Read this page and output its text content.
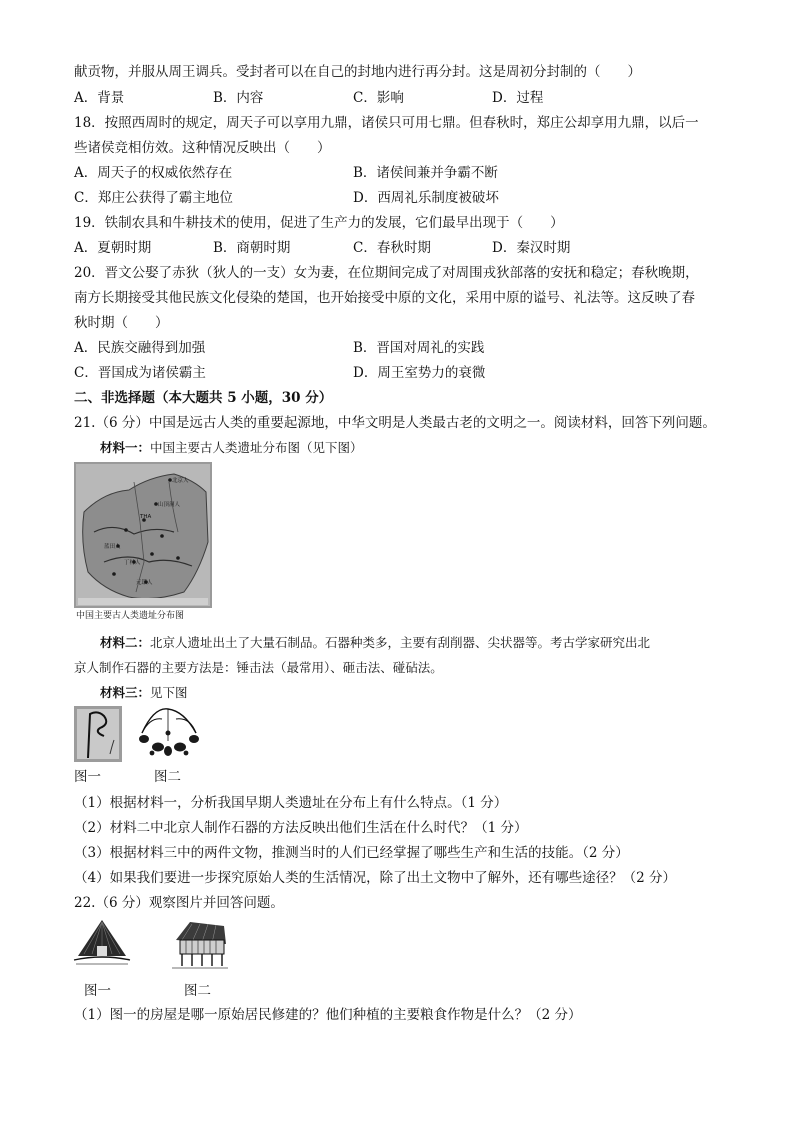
献贡物，并服从周王调兵。受封者可以在自己的封地内进行再分封。这是周初分封制的（　　）
A．背景	B．内容	C．影响	D．过程
18．按照西周时的规定，周天子可以享用九鼎，诸侯只可用七鼎。但春秋时，郑庄公却享用九鼎，以后一
些诸侯竞相仿效。这种情况反映出（　　）
A．周天子的权威依然存在	B．诸侯间兼并争霸不断
C．郑庄公获得了霸主地位	D．西周礼乐制度被破坏
19．铁制农具和牛耕技术的使用，促进了生产力的发展，它们最早出现于（　　）
A．夏朝时期	B．商朝时期	C．春秋时期	D．秦汉时期
20．晋文公娶了赤狄（狄人的一支）女为妻，在位期间完成了对周围戎狄部落的安抚和稳定；春秋晚期，
南方长期接受其他民族文化侵染的楚国，也开始接受中原的文化，采用中原的谥号、礼法等。这反映了春
秋时期（　　）
A．民族交融得到加强	B．晋国对周礼的实践
C．晋国成为诸侯霸主	D．周王室势力的衰微
二、非选择题（本大题共 5 小题，30 分）
21.（6 分）中国是远古人类的重要起源地，中华文明是人类最古老的文明之一。阅读材料，回答下列问题。
材料一：中国主要古人类遗址分布图（见下图）
THA
北京人
蓝田人
元谋人
山顶洞人
丁村人
中国主要古人类遗址分布图
材料二：北京人遗址出土了大量石制品。石器种类多，主要有刮削器、尖状器等。考古学家研究出北
京人制作石器的主要方法是：锤击法（最常用）、砸击法、碰砧法。
材料三：见下图
图一	图二
（1）根据材料一，分析我国早期人类遗址在分布上有什么特点。（1 分）
（2）材料二中北京人制作石器的方法反映出他们生活在什么时代？（1 分）
（3）根据材料三中的两件文物，推测当时的人们已经掌握了哪些生产和生活的技能。（2 分）
（4）如果我们要进一步探究原始人类的生活情况，除了出土文物中了解外，还有哪些途径？（2 分）
22.（6 分）观察图片并回答问题。
图一	图二
（1）图一的房屋是哪一原始居民修建的？他们种植的主要粮食作物是什么？（2 分）
